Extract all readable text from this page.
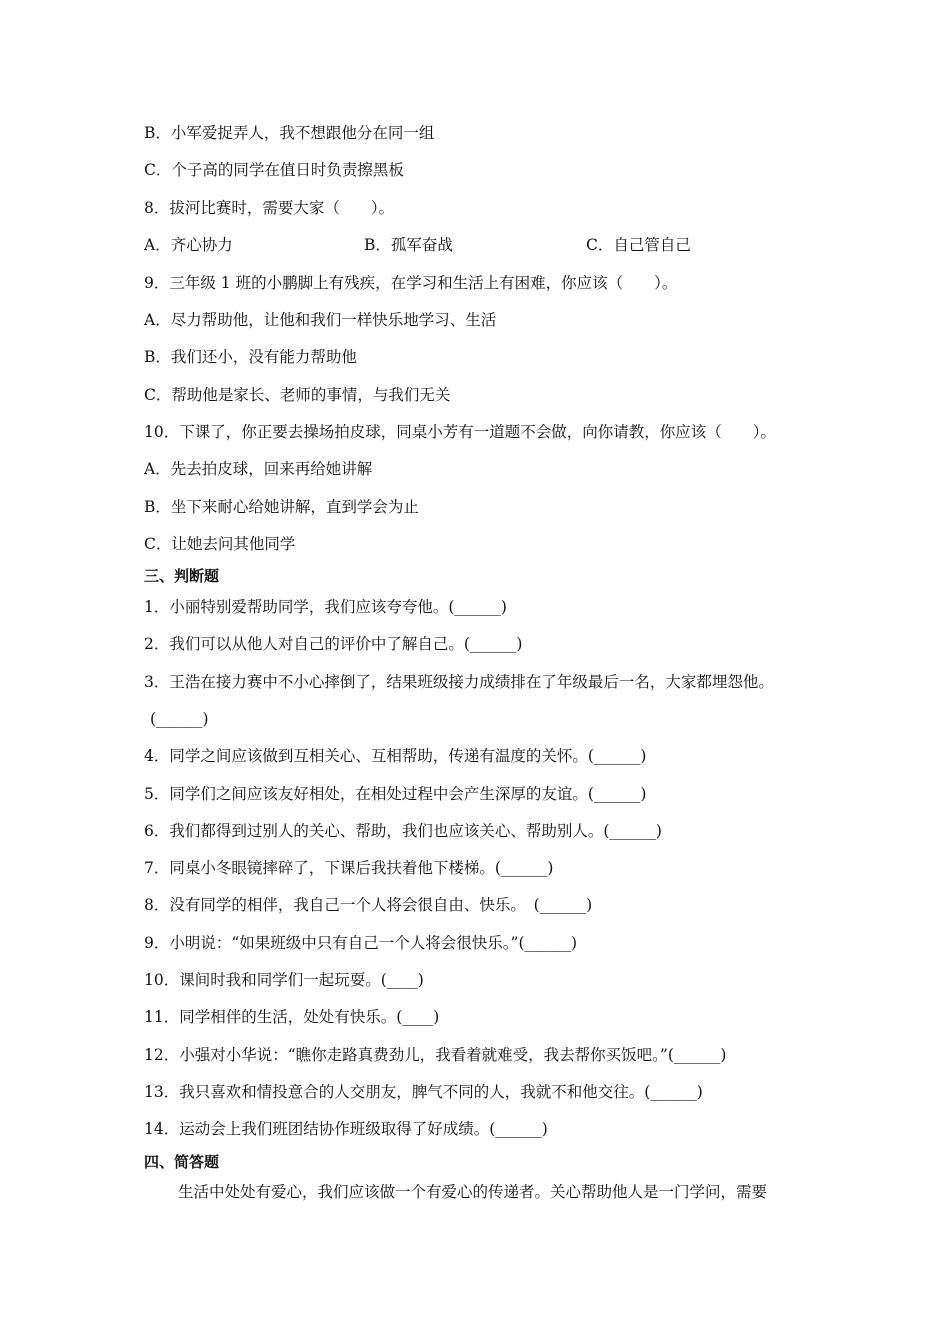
B．小军爱捉弄人，我不想跟他分在同一组
C．个子高的同学在值日时负责擦黑板
8．拔河比赛时，需要大家（　　）。
A．齐心协力	B．孤军奋战	C．自己管自己
9．三年级 1 班的小鹏脚上有残疾，在学习和生活上有困难，你应该（　　）。
A．尽力帮助他，让他和我们一样快乐地学习、生活
B．我们还小，没有能力帮助他
C．帮助他是家长、老师的事情，与我们无关
10．下课了，你正要去操场拍皮球，同桌小芳有一道题不会做，向你请教，你应该（　　）。
A．先去拍皮球，回来再给她讲解
B．坐下来耐心给她讲解，直到学会为止
C．让她去问其他同学
三、判断题
1．小丽特别爱帮助同学，我们应该夸夸他。(______)
2．我们可以从他人对自己的评价中了解自己。(______)
3．王浩在接力赛中不小心摔倒了，结果班级接力成绩排在了年级最后一名，大家都埋怨他。
(______)
4．同学之间应该做到互相关心、互相帮助，传递有温度的关怀。(______)
5．同学们之间应该友好相处，在相处过程中会产生深厚的友谊。(______)
6．我们都得到过别人的关心、帮助，我们也应该关心、帮助别人。(______)
7．同桌小冬眼镜摔碎了，下课后我扶着他下楼梯。(______)
8．没有同学的相伴，我自己一个人将会很自由、快乐。　(______)
9．小明说：“如果班级中只有自己一个人将会很快乐。”(______)
10．课间时我和同学们一起玩耍。(____)
11．同学相伴的生活，处处有快乐。(____)
12．小强对小华说：“瞧你走路真费劲儿，我看着就难受，我去帮你买饭吧。”(______)
13．我只喜欢和情投意合的人交朋友，脾气不同的人，我就不和他交往。(______)
14．运动会上我们班团结协作班级取得了好成绩。(______)
四、简答题
生活中处处有爱心，我们应该做一个有爱心的传递者。关心帮助他人是一门学问，需要
